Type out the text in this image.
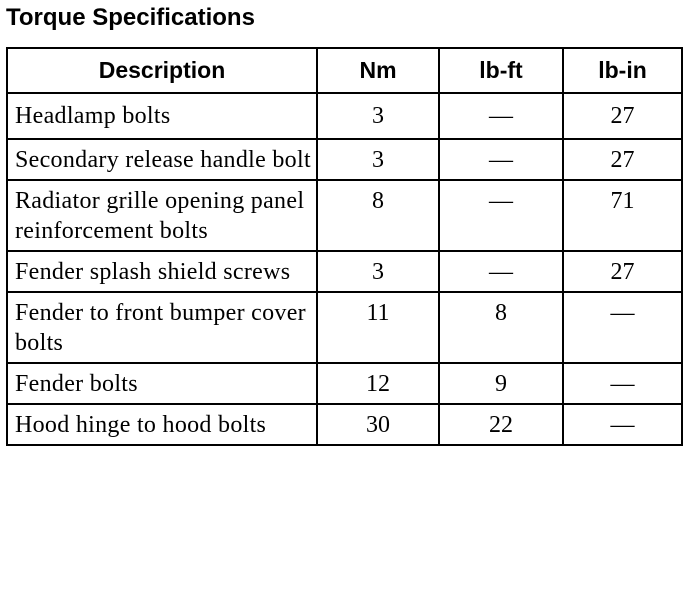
Torque Specifications
Description	Nm	lb-ft	lb-in
Headlamp bolts	3	—	27
Secondary release handle bolt	3	—	27
Radiator grille opening panel reinforcement bolts	8	—	71
Fender splash shield screws	3	—	27
Fender to front bumper cover bolts	11	8	—
Fender bolts	12	9	—
Hood hinge to hood bolts	30	22	—
